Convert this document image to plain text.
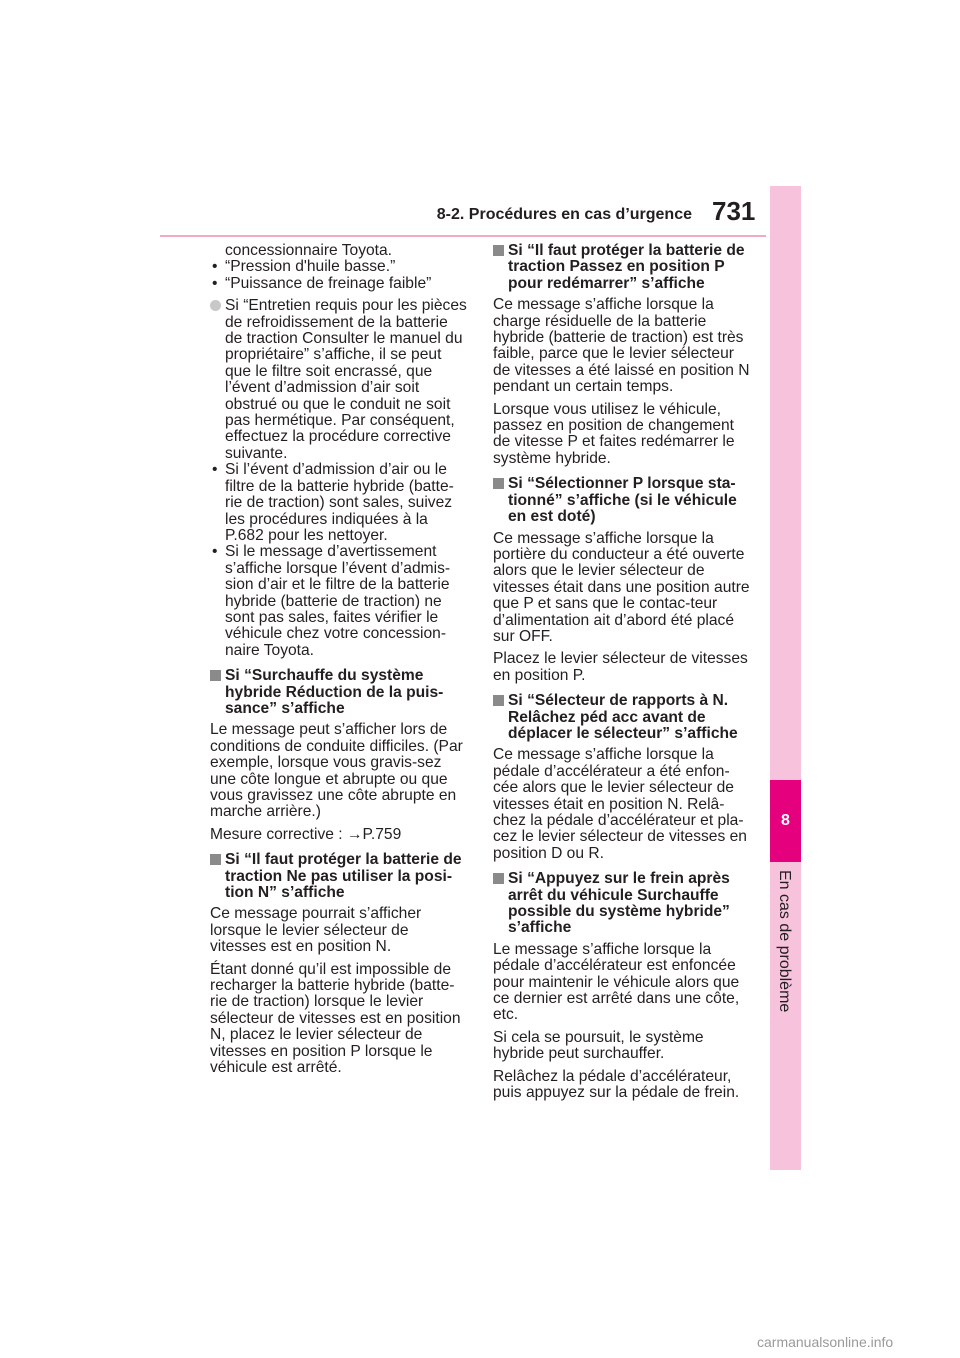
8-2. Procédures en cas d’urgence 731
8
En cas de problème
concessionnaire Toyota.
• “Pression d'huile basse.”
• “Puissance de freinage faible”
Si “Entretien requis pour les pièces de refroidissement de la batterie de traction Consulter le manuel du propriétaire” s’affiche, il se peut que le filtre soit encrassé, que l’évent d’admission d’air soit obstrué ou que le conduit ne soit pas hermétique. Par conséquent, effectuez la procédure corrective suivante.
• Si l’évent d’admission d’air ou le filtre de la batterie hybride (batte-rie de traction) sont sales, suivez les procédures indiquées à la P.682 pour les nettoyer.
• Si le message d’avertissement s’affiche lorsque l’évent d’admis-sion d’air et le filtre de la batterie hybride (batterie de traction) ne sont pas sales, faites vérifier le véhicule chez votre concession-naire Toyota.
Si “Surchauffe du système hybride Réduction de la puis-sance” s’affiche
Le message peut s’afficher lors de conditions de conduite difficiles. (Par exemple, lorsque vous gravis-sez une côte longue et abrupte ou que vous gravissez une côte abrupte en marche arrière.)
Mesure corrective : →P.759
Si “Il faut protéger la batterie de traction Ne pas utiliser la posi-tion N” s’affiche
Ce message pourrait s’afficher lorsque le levier sélecteur de vitesses est en position N.
Étant donné qu’il est impossible de recharger la batterie hybride (batte-rie de traction) lorsque le levier sélecteur de vitesses est en position N, placez le levier sélecteur de vitesses en position P lorsque le véhicule est arrêté.
Si “Il faut protéger la batterie de traction Passez en position P pour redémarrer” s’affiche
Ce message s’affiche lorsque la charge résiduelle de la batterie hybride (batterie de traction) est très faible, parce que le levier sélecteur de vitesses a été laissé en position N pendant un certain temps.
Lorsque vous utilisez le véhicule, passez en position de changement de vitesse P et faites redémarrer le système hybride.
Si “Sélectionner P lorsque sta-tionné” s’affiche (si le véhicule en est doté)
Ce message s’affiche lorsque la portière du conducteur a été ouverte alors que le levier sélecteur de vitesses était dans une position autre que P et sans que le contac-teur d’alimentation ait d’abord été placé sur OFF.
Placez le levier sélecteur de vitesses en position P.
Si “Sélecteur de rapports à N. Relâchez péd acc avant de déplacer le sélecteur” s’affiche
Ce message s’affiche lorsque la pédale d’accélérateur a été enfon-cée alors que le levier sélecteur de vitesses était en position N. Relâ-chez la pédale d’accélérateur et pla-cez le levier sélecteur de vitesses en position D ou R.
Si “Appuyez sur le frein après arrêt du véhicule Surchauffe possible du système hybride” s’affiche
Le message s’affiche lorsque la pédale d’accélérateur est enfoncée pour maintenir le véhicule alors que ce dernier est arrêté dans une côte, etc.
Si cela se poursuit, le système hybride peut surchauffer.
Relâchez la pédale d’accélérateur, puis appuyez sur la pédale de frein.
carmanualsonline.info
